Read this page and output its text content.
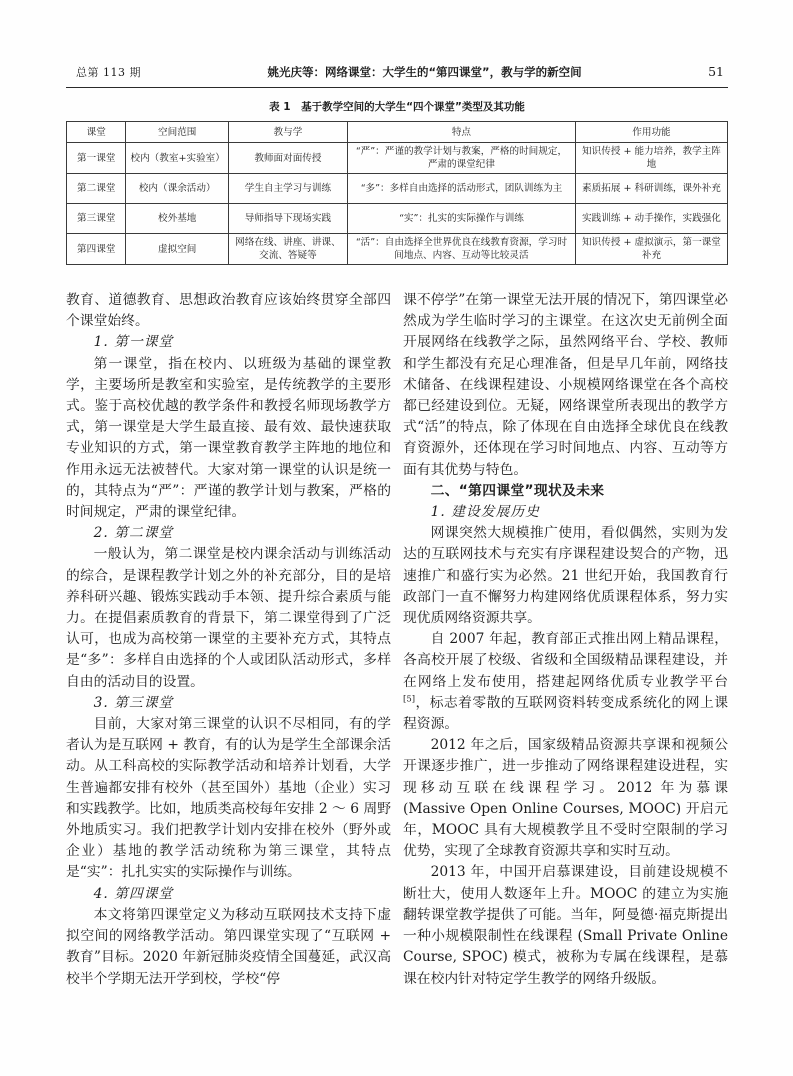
总第 113 期	姚光庆等：网络课堂：大学生的“第四课堂”，教与学的新空间	51
表 1　基于教学空间的大学生“四个课堂”类型及其功能
课堂	空间范围	教与学	特点	作用功能
第一课堂	校内（教室+实验室）	教师面对面传授	“严”：严谨的教学计划与教案，严格的时间规定，严肃的课堂纪律	知识传授 + 能力培养，教学主阵地
第二课堂	校内（课余活动）	学生自主学习与训练	“多”：多样自由选择的活动形式，团队训练为主	素质拓展 + 科研训练，课外补充
第三课堂	校外基地	导师指导下现场实践	“实”：扎实的实际操作与训练	实践训练 + 动手操作，实践强化
第四课堂	虚拟空间	网络在线、讲座、讲课、交流、答疑等	“活”：自由选择全世界优良在线教育资源，学习时间地点、内容、互动等比较灵活	知识传授 + 虚拟演示，第一课堂补充

教育、道德教育、思想政治教育应该始终贯穿全部四个课堂始终。

1. 第一课堂

第一课堂，指在校内、以班级为基础的课堂教学，主要场所是教室和实验室，是传统教学的主要形式。鉴于高校优越的教学条件和教授名师现场教学方式，第一课堂是大学生最直接、最有效、最快速获取专业知识的方式，第一课堂教育教学主阵地的地位和作用永远无法被替代。大家对第一课堂的认识是统一的，其特点为“严”：严谨的教学计划与教案，严格的时间规定，严肃的课堂纪律。

2. 第二课堂

一般认为，第二课堂是校内课余活动与训练活动的综合，是课程教学计划之外的补充部分，目的是培养科研兴趣、锻炼实践动手本领、提升综合素质与能力。在提倡素质教育的背景下，第二课堂得到了广泛认可，也成为高校第一课堂的主要补充方式，其特点是“多”：多样自由选择的个人或团队活动形式，多样自由的活动目的设置。

3. 第三课堂

目前，大家对第三课堂的认识不尽相同，有的学者认为是互联网 + 教育，有的认为是学生全部课余活动。从工科高校的实际教学活动和培养计划看，大学生普遍都安排有校外（甚至国外）基地（企业）实习和实践教学。比如，地质类高校每年安排 2 ～ 6 周野外地质实习。我们把教学计划内安排在校外（野外或企业）基地的教学活动统称为第三课堂，其特点是“实”：扎扎实实的实际操作与训练。

4. 第四课堂

本文将第四课堂定义为移动互联网技术支持下虚拟空间的网络教学活动。第四课堂实现了“互联网 + 教育”目标。2020 年新冠肺炎疫情全国蔓延，武汉高校半个学期无法开学到校，学校“停

课不停学”在第一课堂无法开展的情况下，第四课堂必然成为学生临时学习的主课堂。在这次史无前例全面开展网络在线教学之际，虽然网络平台、学校、教师和学生都没有充足心理准备，但是早几年前，网络技术储备、在线课程建设、小规模网络课堂在各个高校都已经建设到位。无疑，网络课堂所表现出的教学方式“活”的特点，除了体现在自由选择全球优良在线教育资源外，还体现在学习时间地点、内容、互动等方面有其优势与特色。

二、“第四课堂”现状及未来

1. 建设发展历史

网课突然大规模推广使用，看似偶然，实则为发达的互联网技术与充实有序课程建设契合的产物，迅速推广和盛行实为必然。21 世纪开始，我国教育行政部门一直不懈努力构建网络优质课程体系，努力实现优质网络资源共享。

自 2007 年起，教育部正式推出网上精品课程，各高校开展了校级、省级和全国级精品课程建设，并在网络上发布使用，搭建起网络优质专业教学平台[5]，标志着零散的互联网资料转变成系统化的网上课程资源。

2012 年之后，国家级精品资源共享课和视频公开课逐步推广，进一步推动了网络课程建设进程，实现移动互联在线课程学习。2012 年为慕课 (Massive Open Online Courses, MOOC) 开启元年，MOOC 具有大规模教学且不受时空限制的学习优势，实现了全球教育资源共享和实时互动。

2013 年，中国开启慕课建设，目前建设规模不断壮大，使用人数逐年上升。MOOC 的建立为实施翻转课堂教学提供了可能。当年，阿曼德·福克斯提出一种小规模限制性在线课程 (Small Private Online Course, SPOC) 模式，被称为专属在线课程，是慕课在校内针对特定学生教学的网络升级版。
